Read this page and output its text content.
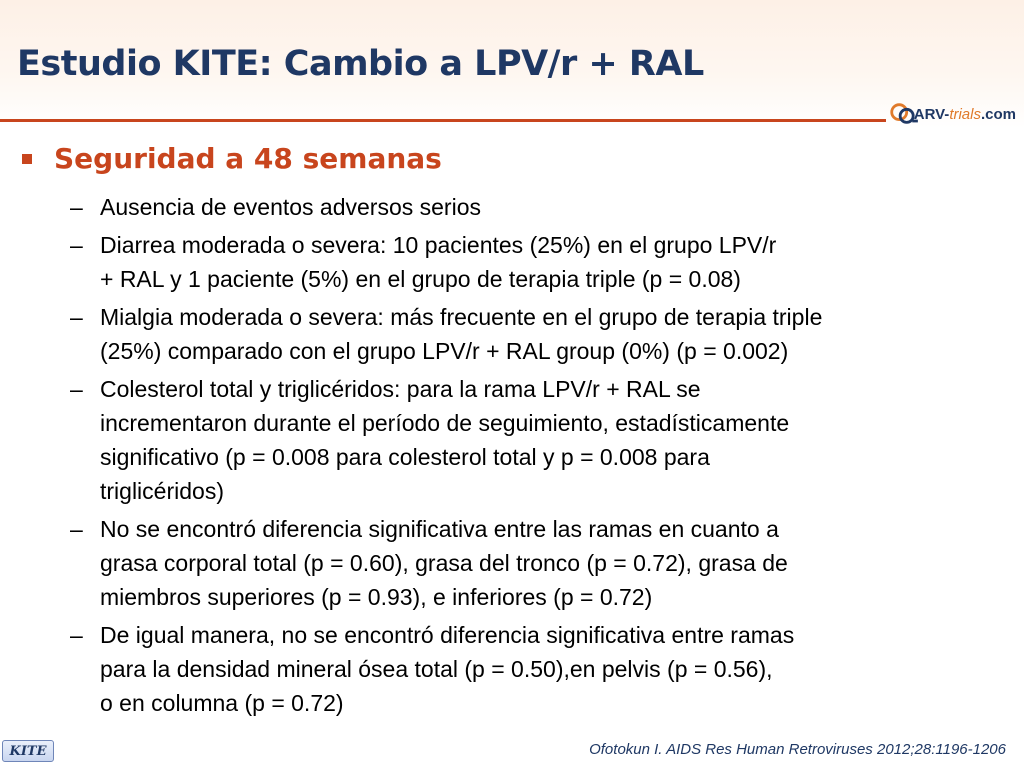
Estudio KITE: Cambio a LPV/r + RAL
ARV-trials.com
Seguridad a 48 semanas
– Ausencia de eventos adversos serios
– Diarrea moderada o severa: 10 pacientes (25%) en el grupo LPV/r
+ RAL y 1 paciente (5%) en el grupo de terapia triple (p = 0.08)
– Mialgia moderada o severa: más frecuente en el grupo de terapia triple
(25%) comparado con el grupo LPV/r + RAL group (0%) (p = 0.002)
– Colesterol total y triglicéridos: para la rama LPV/r + RAL se
incrementaron durante el período de seguimiento, estadísticamente
significativo (p = 0.008 para colesterol total y p = 0.008 para
triglicéridos)
– No se encontró diferencia significativa entre las ramas en cuanto a
grasa corporal total (p = 0.60), grasa del tronco (p = 0.72), grasa de
miembros superiores (p = 0.93), e inferiores (p = 0.72)
– De igual manera, no se encontró diferencia significativa entre ramas
para la densidad mineral ósea total (p = 0.50),en pelvis (p = 0.56),
o en columna (p = 0.72)
KITE	Ofotokun I. AIDS Res Human Retroviruses 2012;28:1196-1206
